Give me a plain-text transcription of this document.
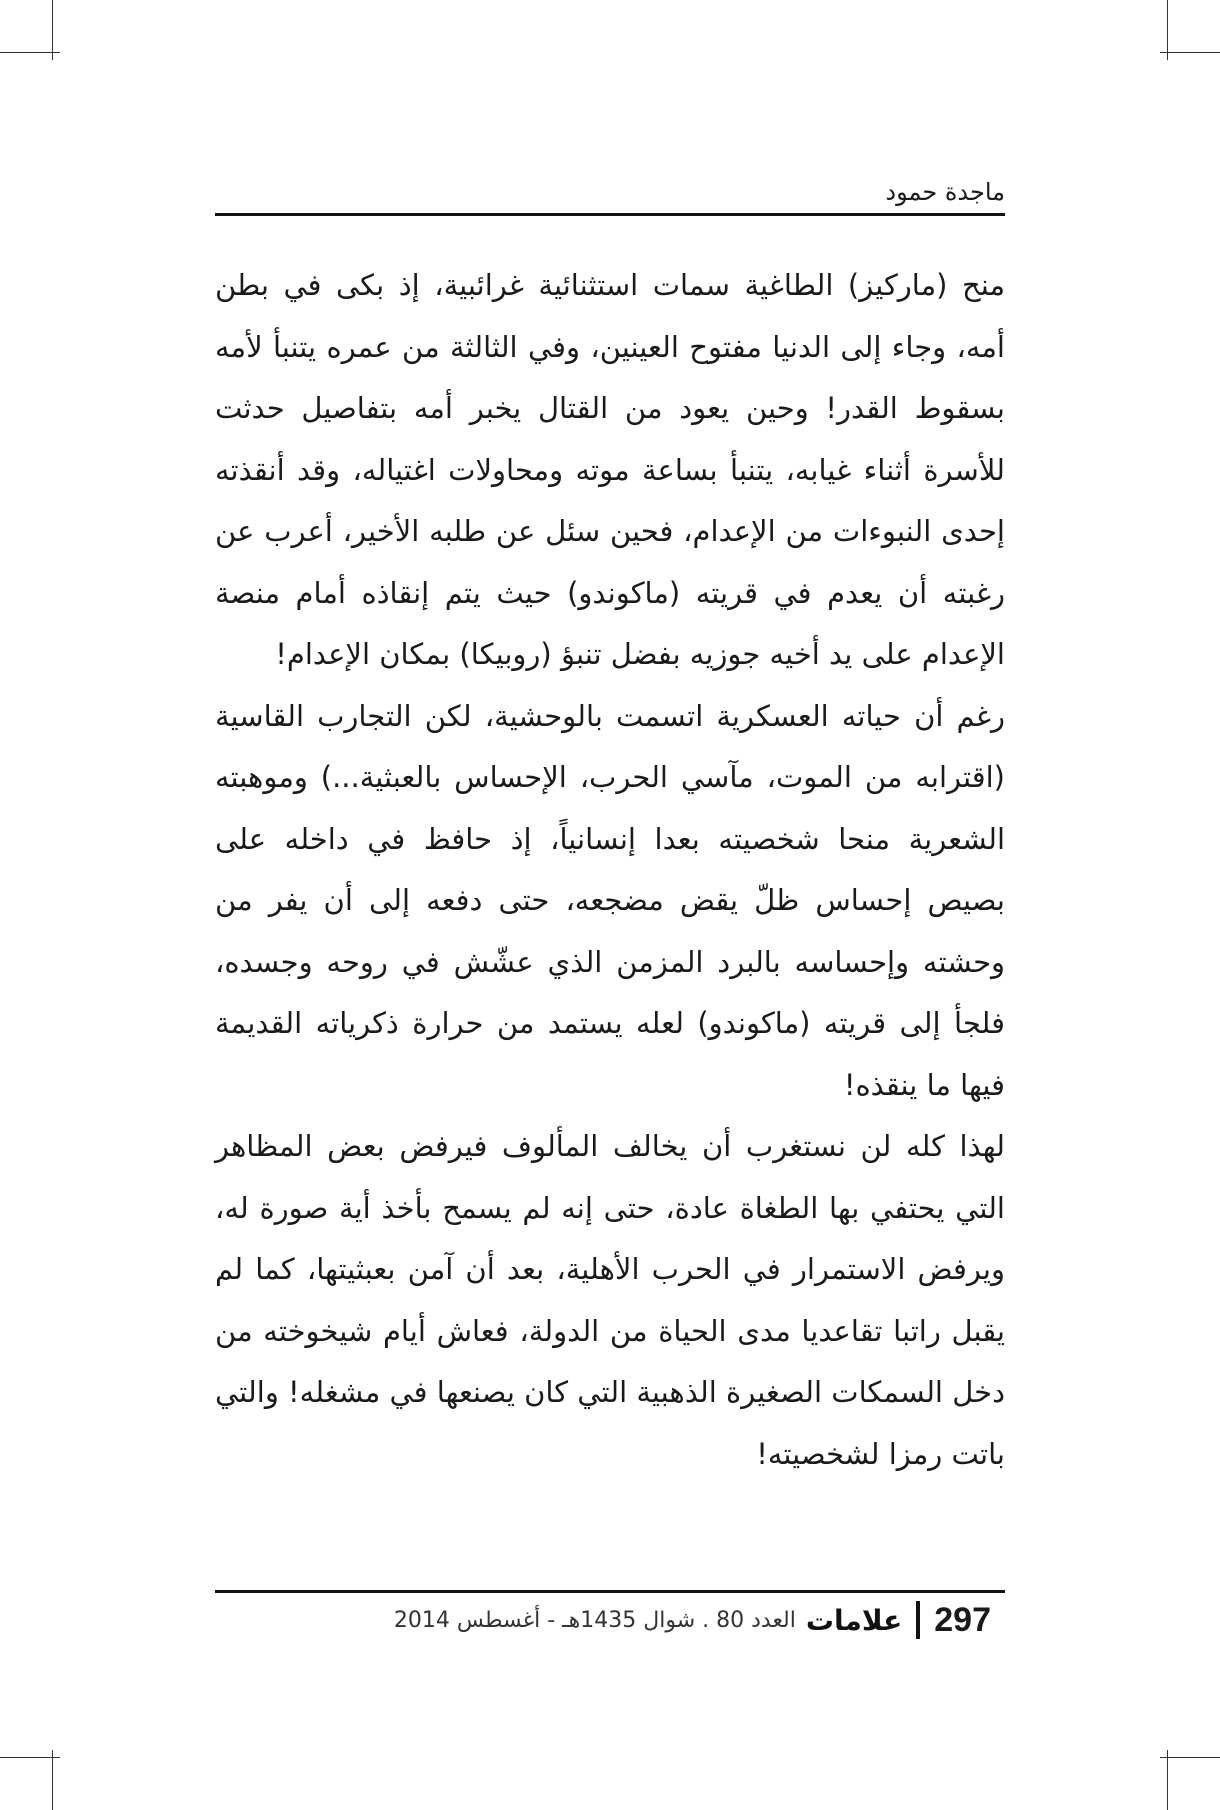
ماجدة حمود

منح (ماركيز) الطاغية سمات استثنائية غرائبية، إذ بكى في بطن أمه، وجاء إلى الدنيا مفتوح العينين، وفي الثالثة من عمره يتنبأ لأمه بسقوط القدر! وحين يعود من القتال يخبر أمه بتفاصيل حدثت للأسرة أثناء غيابه، يتنبأ بساعة موته ومحاولات اغتياله، وقد أنقذته إحدى النبوءات من الإعدام، فحين سئل عن طلبه الأخير، أعرب عن رغبته أن يعدم في قريته (ماكوندو) حيث يتم إنقاذه أمام منصة الإعدام على يد أخيه جوزيه بفضل تنبؤ (روبيكا) بمكان الإعدام!

رغم أن حياته العسكرية اتسمت بالوحشية، لكن التجارب القاسية (اقترابه من الموت، مآسي الحرب، الإحساس بالعبثية...) وموهبته الشعرية منحا شخصيته بعدا إنسانياً، إذ حافظ في داخله على بصيص إحساس ظلّ يقض مضجعه، حتى دفعه إلى أن يفر من وحشته وإحساسه بالبرد المزمن الذي عشّش في روحه وجسده، فلجأ إلى قريته (ماكوندو) لعله يستمد من حرارة ذكرياته القديمة فيها ما ينقذه!

لهذا كله لن نستغرب أن يخالف المألوف فيرفض بعض المظاهر التي يحتفي بها الطغاة عادة، حتى إنه لم يسمح بأخذ أية صورة له، ويرفض الاستمرار في الحرب الأهلية، بعد أن آمن بعبثيتها، كما لم يقبل راتبا تقاعديا مدى الحياة من الدولة، فعاش أيام شيخوخته من دخل السمكات الصغيرة الذهبية التي كان يصنعها في مشغله! والتي باتت رمزا لشخصيته!

297
علامات
العدد 80 . شوال 1435هـ - أغسطس 2014
